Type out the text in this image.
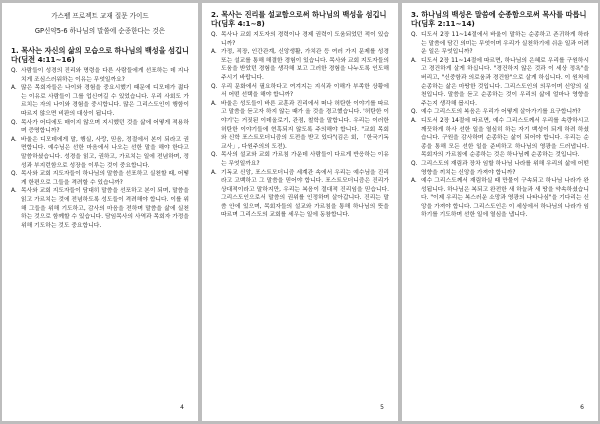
가스펠 프로젝트 교재 질문 가이드
GP신약5-6 하나님의 말씀에 순종한다는 것은
1. 목사는 자신의 삶의 모습으로 하나님의 백성을 섬깁니다(딤전 4:11~16)
Q. 사람들이 성경의 진리와 명령을 다른 사람들에게 선포하는 데 지나치게 조심스러워하는 이유는 무엇일까요?
A. 많은 목회자들은 나이와 경험을 중요시했기 때문에 디모데가 젊다는 이유로 사람들이 그를 업신여길 수 있었습니다. 우리 사회도 가르치는 자의 나이와 경험을 중시합니다. 많은 그리스도인이 행함이 따르지 않으면 비판의 대상이 됩니다.
Q. 목사가 어디에도 매이지 않으며 지시했던 것을 삶에 어떻게 적용하며 증명합니까?
A. 바울은 디모데에게 말, 행실, 사랑, 믿음, 정절에서 본이 되라고 권면합니다. 예수님은 선한 마음에서 나오는 선한 말을 해야 한다고 말씀하셨습니다. 성경을 읽고, 권하고, 가르치는 일에 전념하며, 정성과 부지런함으로 성장을 이루는 것이 중요합니다.
Q. 목사와 교회 지도자들이 하나님의 말씀을 선포하고 실천할 때, 어떻게 한편으로 그들을 격려할 수 있습니까?
A. 목사와 교회 지도자들이 담대히 말씀을 선포하고 본이 되며, 말씀을 읽고 가르치는 것에 전념하도록 성도들이 격려해야 합니다. 이를 위해 그들을 위해 기도하고, 감사의 마음을 전하며 말씀을 삶에 실천하는 것으로 함께할 수 있습니다. 담임목사의 사역과 목회자 가정을 위해 기도하는 것도 중요합니다.
4
2. 목사는 진리를 설교함으로써 하나님의 백성을 섬깁니다(딤후 4:1~8)
Q. 목사나 교회 지도자의 경력이나 경제 권력이 도움되었던 적이 있습니까?
A. 가정, 직장, 인간관계, 신앙생활, 가치관 등 여러 가지 문제를 성경 또는 설교를 통해 해결한 경험이 있습니다. 목사와 교회 지도자들의 도움을 받았던 경험을 생각해 보고 그러한 경험을 나누도록 인도해 주시기 바랍니다.
Q. 우리 문화에서 필요하다고 여겨지는 지식과 이해가 부족한 상황에서 어떤 선택을 해야 합니까?
A. 바울은 성도들이 바른 교훈과 진리에서 떠나 허탄한 이야기를 따르고 말씀을 듣고자 하지 않는 때가 올 것을 경고했습니다. '허탄한 이야기'는 거짓된 이데올로기, 관점, 철학을 말합니다. 우리는 이러한 허탄한 이야기들에 현혹되지 않도록 주의해야 합니다. "교회 목회와 신학 포스트모더니즘의 도전을 받고 있다"(김은 회, 「한국기독교사」, 다원주의의 도전).
Q. 목사의 설교와 교회 가르침 가운데 사람들이 다르게 반응하는 이유는 무엇일까요?
A. 기독교 신앙, 포스트모더니즘 세계관 속에서 우리는 예수님을 진리라고 고백하고 그 말씀을 믿어야 합니다. 포스트모더니즘은 진리가 상대적이라고 말하지만, 우리는 복음이 절대적 진리임을 믿습니다. 그리스도인으로서 말씀의 권위를 인정하며 살아갑니다. 진리는 말씀 안에 있으며, 목회자들의 설교와 가르침을 통해 하나님의 뜻을 따르며 그리스도의 교회를 세우는 일에 동참합니다.
5
3. 하나님의 백성은 말씀에 순종함으로써 목사를 따릅니다(딤후 2:11~14)
Q. 디도서 2장 11~14절에서 바울이 말하는 순종하고 존귀하게 하라는 말씀에 담긴 의미는 무엇이며 우리가 실천하기에 쉬운 일과 어려운 일은 무엇입니까?
A. 디도서 2장 11~14절에 따르면, 하나님의 은혜로 우리를 구원하시고 경건하게 살게 하십니다. "경건하지 않은 것과 이 세상 정욕"을 버리고, "신중함과 의로움과 경건함"으로 살게 하십니다. 이 원칙에 순종하는 삶은 마땅한 것입니다. 그리스도인의 의무이며 신앙의 실천입니다. 말씀을 듣고 순종하는 것이 우리의 삶에 얼마나 영향을 주는지 생각해 봅시다.
Q. 예수 그리스도의 복음은 우리가 어떻게 살아가기를 요구합니까?
A. 디도서 2장 14절에 따르면, 예수 그리스도께서 우리를 속량하시고 깨끗하게 하사 선한 일을 열심히 하는 자기 백성이 되게 하려 하셨습니다. 구원을 감사하며 순종하는 삶이 되어야 합니다. 우리는 순종을 통해 모든 선한 일을 준비하고 하나님의 영광을 드러냅니다. 목회자의 가르침에 순종하는 것은 하나님께 순종하는 것입니다.
Q. 그리스도의 재림과 장차 임할 하나님 나라를 위해 우리의 삶에 어떤 영향을 끼치는 신앙을 가져야 합니까?
A. 예수 그리스도께서 재림하실 때 만물이 구속되고 하나님 나라가 완성됩니다. 하나님은 복되고 완전한 새 하늘과 새 땅을 약속하셨습니다. "이제 우리는 복스러운 소망과 영광의 나타나심"을 기다리는 신앙을 가져야 합니다. 그리스도인은 이 세상에서 하나님의 나라가 임하기를 기도하며 선한 일에 열심을 냅니다.
6
